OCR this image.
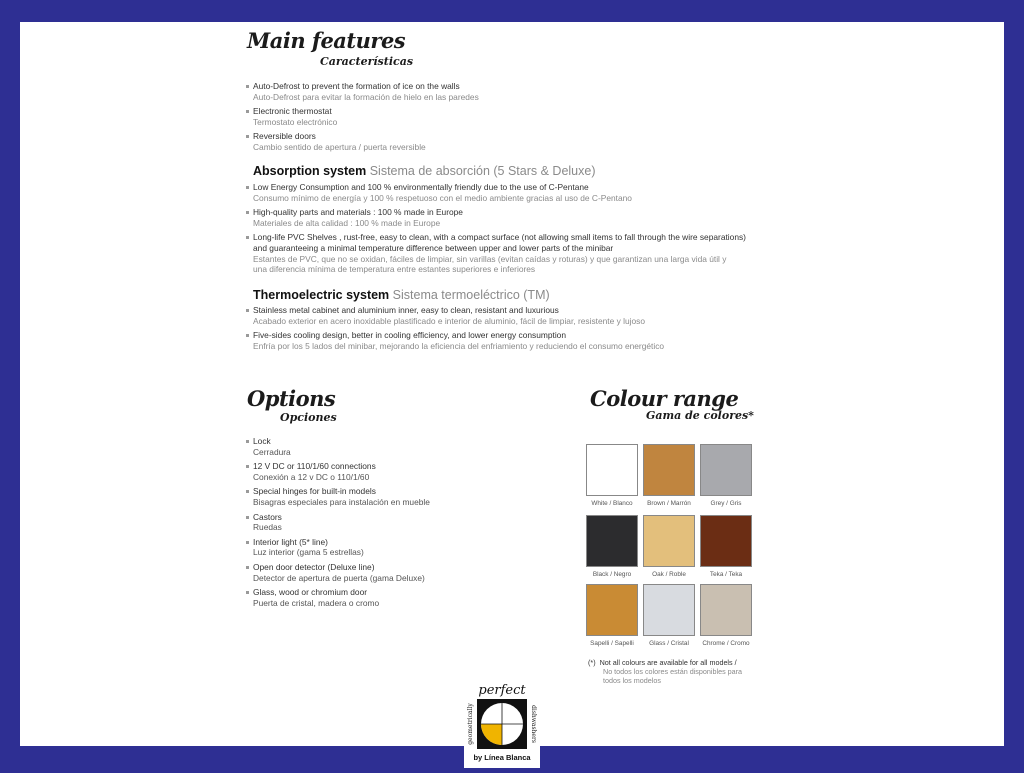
Main features
Características
Auto-Defrost to prevent the formation of ice on the walls
Auto-Defrost para evitar la formación de hielo en las paredes
Electronic thermostat
Termostato electrónico
Reversible doors
Cambio sentido de apertura / puerta reversible
Absorption system Sistema de absorción (5 Stars & Deluxe)
Low Energy Consumption and 100 % environmentally friendly due to the use of C-Pentane
Consumo mínimo de energía y 100 % respetuoso con el medio ambiente gracias al uso de C-Pentano
High-quality parts and materials : 100 % made in Europe
Materiales de alta calidad : 100 % made in Europe
Long-life PVC Shelves , rust-free, easy to clean, with a compact surface (not allowing small items to fall through the wire separations)
and guaranteeing a minimal temperature difference between upper and lower parts of the minibar
Estantes de PVC, que no se oxidan, fáciles de limpiar, sin varillas (evitan caídas y roturas) y que garantizan una larga vida útil y
una diferencia mínima de temperatura entre estantes superiores e inferiores
Thermoelectric system Sistema termoeléctrico (TM)
Stainless metal cabinet and aluminium inner, easy to clean, resistant and luxurious
Acabado exterior en acero inoxidable plastificado e interior de aluminio, fácil de limpiar, resistente y lujoso
Five-sides cooling design, better in cooling efficiency, and lower energy consumption
Enfría por los 5 lados del minibar, mejorando la eficiencia del enfriamiento y reduciendo el consumo energético
Options
Opciones
Lock
Cerradura
12 V DC or 110/1/60 connections
Conexión a 12 v DC o 110/1/60
Special hinges for built-in models
Bisagras especiales para instalación en mueble
Castors
Ruedas
Interior light (5* line)
Luz interior (gama 5 estrellas)
Open door detector (Deluxe line)
Detector de apertura de puerta (gama Deluxe)
Glass, wood or chromium door
Puerta de cristal, madera o cromo
Colour range
Gama de colores*
White / Blanco	Brown / Marrón	Grey / Gris
Black / Negro	Oak / Roble	Teka / Teka
Sapelli / Sapelli	Glass / Cristal	Chrome / Cromo
(*) Not all colours are available for all models /
No todos los colores están disponibles para
todos los modelos
perfect
geometrically	dishwashers
by Línea Blanca
